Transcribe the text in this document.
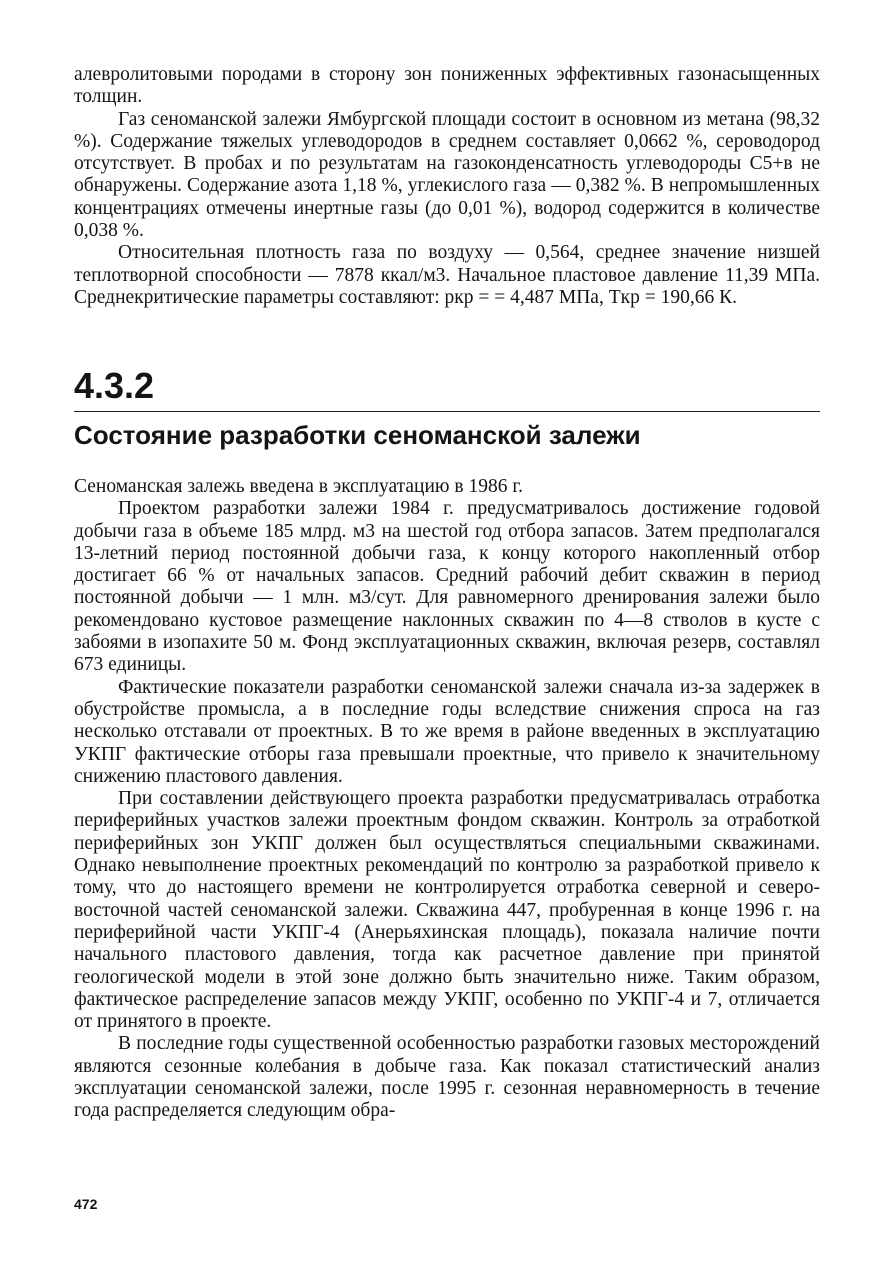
алевролитовыми породами в сторону зон пониженных эффективных газонасыщенных толщин.

Газ сеноманской залежи Ямбургской площади состоит в основном из метана (98,32 %). Содержание тяжелых углеводородов в среднем составляет 0,0662 %, сероводород отсутствует. В пробах и по результатам на газоконденсатность углеводороды C5+в не обнаружены. Содержание азота 1,18 %, углекислого газа — 0,382 %. В непромышленных концентрациях отмечены инертные газы (до 0,01 %), водород содержится в количестве 0,038 %.

Относительная плотность газа по воздуху — 0,564, среднее значение низшей теплотворной способности — 7878 ккал/м3. Начальное пластовое давление 11,39 МПа. Среднекритические параметры составляют: pкр = = 4,487 МПа, Tкр = 190,66 К.

4.3.2
Состояние разработки сеноманской залежи

Сеноманская залежь введена в эксплуатацию в 1986 г.

Проектом разработки залежи 1984 г. предусматривалось достижение годовой добычи газа в объеме 185 млрд. м3 на шестой год отбора запасов. Затем предполагался 13-летний период постоянной добычи газа, к концу которого накопленный отбор достигает 66 % от начальных запасов. Средний рабочий дебит скважин в период постоянной добычи — 1 млн. м3/сут. Для равномерного дренирования залежи было рекомендовано кустовое размещение наклонных скважин по 4—8 стволов в кусте с забоями в изопахите 50 м. Фонд эксплуатационных скважин, включая резерв, составлял 673 единицы.

Фактические показатели разработки сеноманской залежи сначала из-за задержек в обустройстве промысла, а в последние годы вследствие снижения спроса на газ несколько отставали от проектных. В то же время в районе введенных в эксплуатацию УКПГ фактические отборы газа превышали проектные, что привело к значительному снижению пластового давления.

При составлении действующего проекта разработки предусматривалась отработка периферийных участков залежи проектным фондом скважин. Контроль за отработкой периферийных зон УКПГ должен был осуществляться специальными скважинами. Однако невыполнение проектных рекомендаций по контролю за разработкой привело к тому, что до настоящего времени не контролируется отработка северной и северо-восточной частей сеноманской залежи. Скважина 447, пробуренная в конце 1996 г. на периферийной части УКПГ-4 (Анерьяхинская площадь), показала наличие почти начального пластового давления, тогда как расчетное давление при принятой геологической модели в этой зоне должно быть значительно ниже. Таким образом, фактическое распределение запасов между УКПГ, особенно по УКПГ-4 и 7, отличается от принятого в проекте.

В последние годы существенной особенностью разработки газовых месторождений являются сезонные колебания в добыче газа. Как показал статистический анализ эксплуатации сеноманской залежи, после 1995 г. сезонная неравномерность в течение года распределяется следующим обра-

472
